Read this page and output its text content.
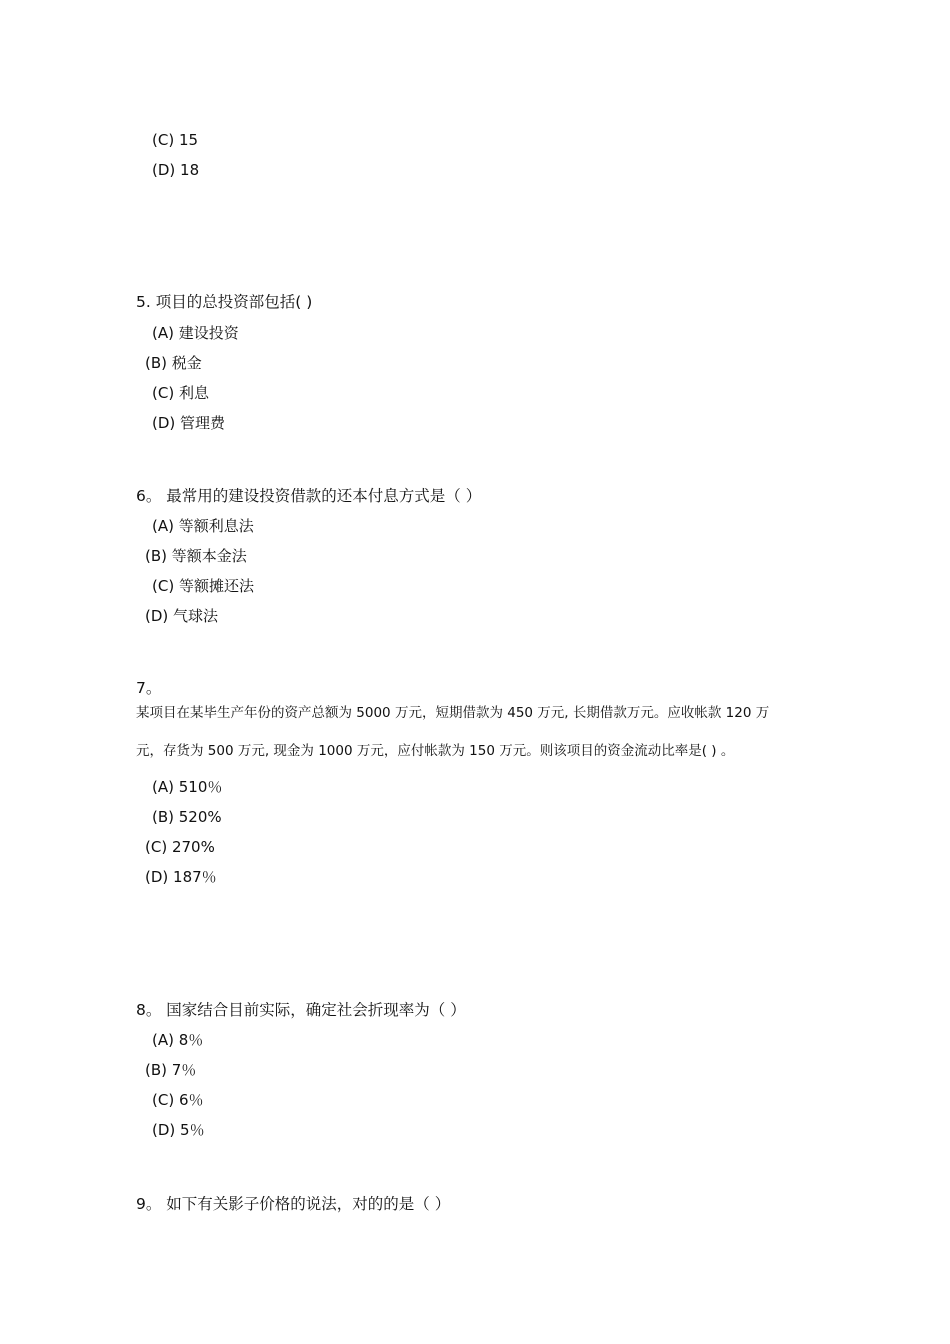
(C) 15
(D) 18
5. 项目的总投资部包括( )
(A) 建设投资
(B) 税金
(C) 利息
(D) 管理费
6。 最常用的建设投资借款的还本付息方式是（ ）
(A) 等额利息法
(B) 等额本金法
(C) 等额摊还法
(D) 气球法
7。
某项目在某毕生产年份的资产总额为 5000 万元，短期借款为 450 万元, 长期借款万元。应收帐款 120 万
元，存货为 500 万元, 现金为 1000 万元，应付帐款为 150 万元。则该项目的资金流动比率是( ) 。
(A) 510％
(B) 520%
(C) 270%
(D) 187％
8。 国家结合目前实际，确定社会折现率为（ ）
(A) 8％
(B) 7％
(C) 6％
(D) 5％
9。 如下有关影子价格的说法，对的的是（ ）
